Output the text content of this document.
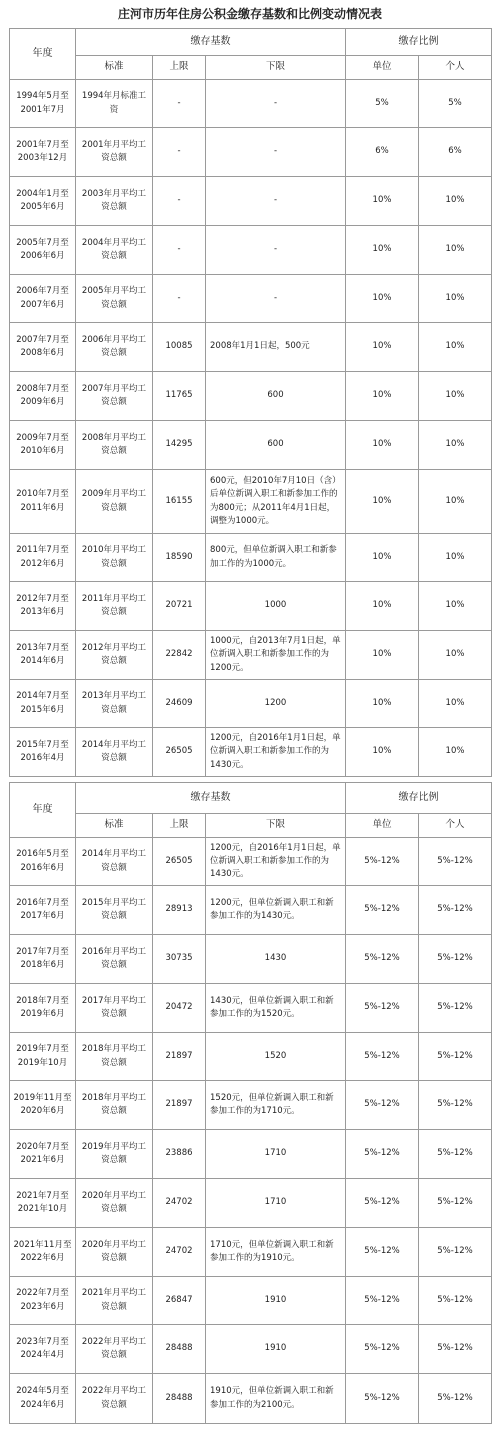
庄河市历年住房公积金缴存基数和比例变动情况表
年度	缴存基数			缴存比例	
	标准	上限	下限	单位	个人
1994年5月至2001年7月	1994年月标准工资	-	-	5%	5%
2001年7月至2003年12月	2001年月平均工资总额	-	-	6%	6%
2004年1月至2005年6月	2003年月平均工资总额	-	-	10%	10%
2005年7月至2006年6月	2004年月平均工资总额	-	-	10%	10%
2006年7月至2007年6月	2005年月平均工资总额	-	-	10%	10%
2007年7月至2008年6月	2006年月平均工资总额	10085	2008年1月1日起，500元	10%	10%
2008年7月至2009年6月	2007年月平均工资总额	11765	600	10%	10%
2009年7月至2010年6月	2008年月平均工资总额	14295	600	10%	10%
2010年7月至2011年6月	2009年月平均工资总额	16155	600元，但2010年7月10日（含）后单位新调入职工和新参加工作的为800元；从2011年4月1日起，调整为1000元。	10%	10%
2011年7月至2012年6月	2010年月平均工资总额	18590	800元，但单位新调入职工和新参加工作的为1000元。	10%	10%
2012年7月至2013年6月	2011年月平均工资总额	20721	1000	10%	10%
2013年7月至2014年6月	2012年月平均工资总额	22842	1000元，自2013年7月1日起，单位新调入职工和新参加工作的为1200元。	10%	10%
2014年7月至2015年6月	2013年月平均工资总额	24609	1200	10%	10%
2015年7月至2016年4月	2014年月平均工资总额	26505	1200元，自2016年1月1日起，单位新调入职工和新参加工作的为1430元。	10%	10%
年度	缴存基数			缴存比例	
	标准	上限	下限	单位	个人
2016年5月至2016年6月	2014年月平均工资总额	26505	1200元，自2016年1月1日起，单位新调入职工和新参加工作的为1430元。	5%-12%	5%-12%
2016年7月至2017年6月	2015年月平均工资总额	28913	1200元，但单位新调入职工和新参加工作的为1430元。	5%-12%	5%-12%
2017年7月至2018年6月	2016年月平均工资总额	30735	1430	5%-12%	5%-12%
2018年7月至2019年6月	2017年月平均工资总额	20472	1430元，但单位新调入职工和新参加工作的为1520元。	5%-12%	5%-12%
2019年7月至2019年10月	2018年月平均工资总额	21897	1520	5%-12%	5%-12%
2019年11月至2020年6月	2018年月平均工资总额	21897	1520元，但单位新调入职工和新参加工作的为1710元。	5%-12%	5%-12%
2020年7月至2021年6月	2019年月平均工资总额	23886	1710	5%-12%	5%-12%
2021年7月至2021年10月	2020年月平均工资总额	24702	1710	5%-12%	5%-12%
2021年11月至2022年6月	2020年月平均工资总额	24702	1710元，但单位新调入职工和新参加工作的为1910元。	5%-12%	5%-12%
2022年7月至2023年6月	2021年月平均工资总额	26847	1910	5%-12%	5%-12%
2023年7月至2024年4月	2022年月平均工资总额	28488	1910	5%-12%	5%-12%
2024年5月至2024年6月	2022年月平均工资总额	28488	1910元，但单位新调入职工和新参加工作的为2100元。	5%-12%	5%-12%
